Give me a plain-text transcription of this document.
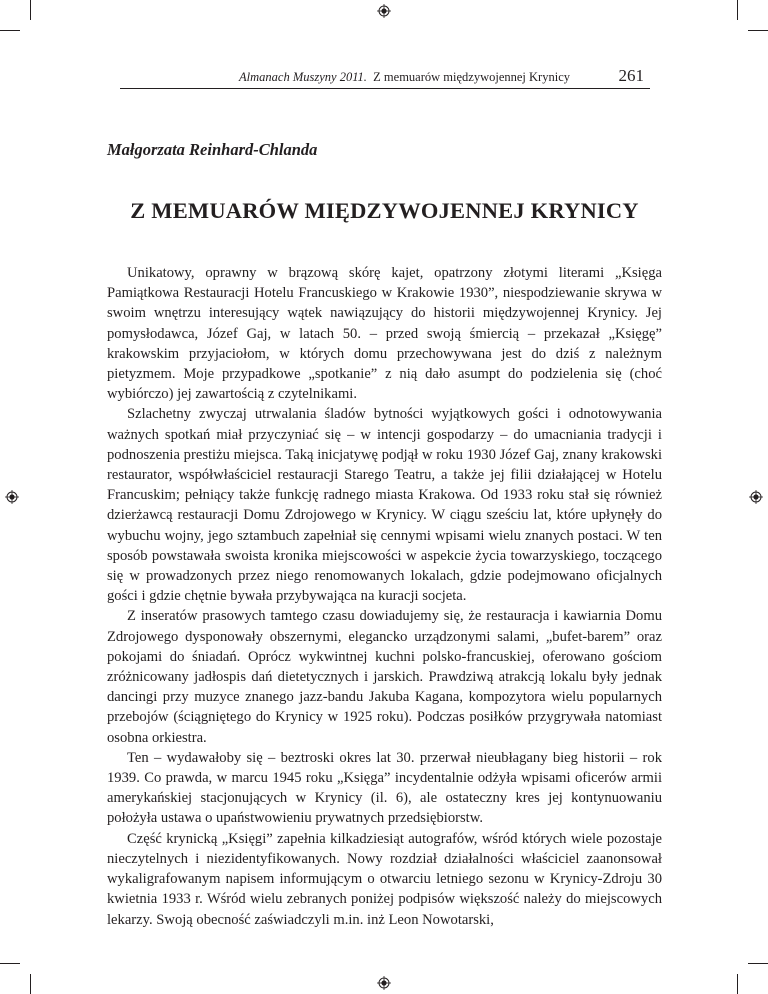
Almanach Muszyny 2011. Z memuarów międzywojennej Krynicy	261
Małgorzata Reinhard-Chlanda
Z MEMUARÓW MIĘDZYWOJENNEJ KRYNICY

Unikatowy, oprawny w brązową skórę kajet, opatrzony złotymi literami „Księga Pamiątkowa Restauracji Hotelu Francuskiego w Krakowie 1930”, niespodziewanie skrywa w swoim wnętrzu interesujący wątek nawiązujący do historii międzywojennej Krynicy. Jej pomysłodawca, Józef Gaj, w latach 50. – przed swoją śmiercią – przekazał „Księgę” krakowskim przyjaciołom, w których domu przechowywana jest do dziś z należnym pietyzmem. Moje przypadkowe „spotkanie” z nią dało asumpt do podzielenia się (choć wybiórczo) jej zawartością z czytelnikami.

Szlachetny zwyczaj utrwalania śladów bytności wyjątkowych gości i odnotowywania ważnych spotkań miał przyczyniać się – w intencji gospodarzy – do umacniania tradycji i podnoszenia prestiżu miejsca. Taką inicjatywę podjął w roku 1930 Józef Gaj, znany krakowski restaurator, współwłaściciel restauracji Starego Teatru, a także jej filii działającej w Hotelu Francuskim; pełniący także funkcję radnego miasta Krakowa. Od 1933 roku stał się również dzierżawcą restauracji Domu Zdrojowego w Krynicy. W ciągu sześciu lat, które upłynęły do wybuchu wojny, jego sztambuch zapełniał się cennymi wpisami wielu znanych postaci. W ten sposób powstawała swoista kronika miejscowości w aspekcie życia towarzyskiego, toczącego się w prowadzonych przez niego renomowanych lokalach, gdzie podejmowano oficjalnych gości i gdzie chętnie bywała przybywająca na kuracji socjeta.

Z inseratów prasowych tamtego czasu dowiadujemy się, że restauracja i kawiarnia Domu Zdrojowego dysponowały obszernymi, elegancko urządzonymi salami, „bufet-barem” oraz pokojami do śniadań. Oprócz wykwintnej kuchni polsko-francuskiej, oferowano gościom zróżnicowany jadłospis dań dietetycznych i jarskich. Prawdziwą atrakcją lokalu były jednak dancingi przy muzyce znanego jazz-bandu Jakuba Kagana, kompozytora wielu popularnych przebojów (ściągniętego do Krynicy w 1925 roku). Podczas posiłków przygrywała natomiast osobna orkiestra.

Ten – wydawałoby się – beztroski okres lat 30. przerwał nieubłagany bieg historii – rok 1939. Co prawda, w marcu 1945 roku „Księga” incydentalnie odżyła wpisami oficerów armii amerykańskiej stacjonujących w Krynicy (il. 6), ale ostateczny kres jej kontynuowaniu położyła ustawa o upaństwowieniu prywatnych przedsiębiorstw.

Część krynicką „Księgi” zapełnia kilkadziesiąt autografów, wśród których wiele pozostaje nieczytelnych i niezidentyfikowanych. Nowy rozdział działalności właściciel zaanonsował wykaligrafowanym napisem informującym o otwarciu letniego sezonu w Krynicy-Zdroju 30 kwietnia 1933 r. Wśród wielu zebranych poniżej podpisów większość należy do miejscowych lekarzy. Swoją obecność zaświadczyli m.in. inż Leon Nowotarski,
